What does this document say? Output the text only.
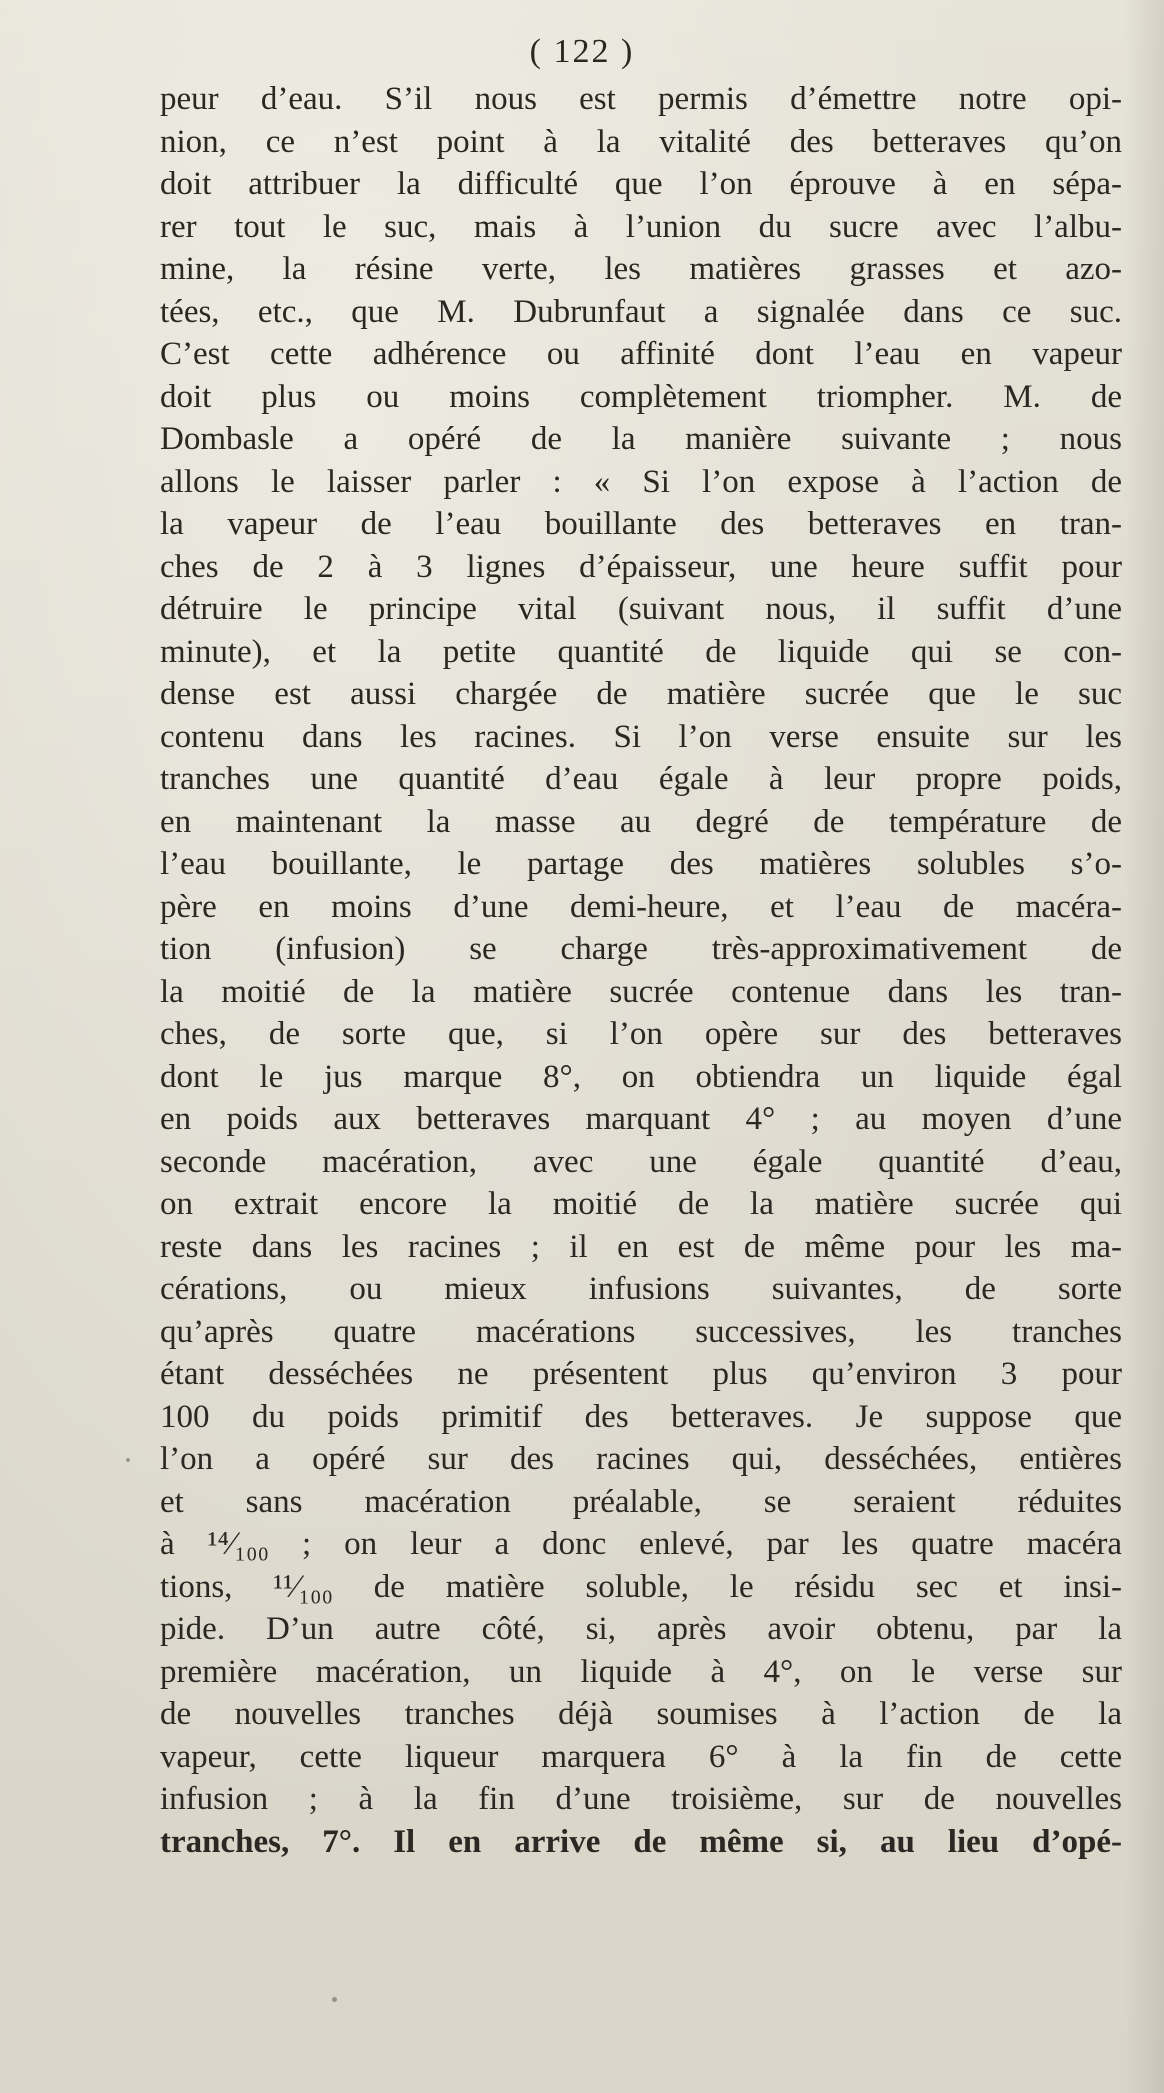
( 122 )
peur d’eau. S’il nous est permis d’émettre notre opi-
nion, ce n’est point à la vitalité des betteraves qu’on
doit attribuer la difficulté que l’on éprouve à en sépa-
rer tout le suc, mais à l’union du sucre avec l’albu-
mine, la résine verte, les matières grasses et azo-
tées, etc., que M. Dubrunfaut a signalée dans ce suc.
C’est cette adhérence ou affinité dont l’eau en vapeur
doit plus ou moins complètement triompher. M. de
Dombasle a opéré de la manière suivante ; nous
allons le laisser parler : « Si l’on expose à l’action de
la vapeur de l’eau bouillante des betteraves en tran-
ches de 2 à 3 lignes d’épaisseur, une heure suffit pour
détruire le principe vital (suivant nous, il suffit d’une
minute), et la petite quantité de liquide qui se con-
dense est aussi chargée de matière sucrée que le suc
contenu dans les racines. Si l’on verse ensuite sur les
tranches une quantité d’eau égale à leur propre poids,
en maintenant la masse au degré de température de
l’eau bouillante, le partage des matières solubles s’o-
père en moins d’une demi-heure, et l’eau de macéra-
tion (infusion) se charge très-approximativement de
la moitié de la matière sucrée contenue dans les tran-
ches, de sorte que, si l’on opère sur des betteraves
dont le jus marque 8°, on obtiendra un liquide égal
en poids aux betteraves marquant 4° ; au moyen d’une
seconde macération, avec une égale quantité d’eau,
on extrait encore la moitié de la matière sucrée qui
reste dans les racines ; il en est de même pour les ma-
cérations, ou mieux infusions suivantes, de sorte
qu’après quatre macérations successives, les tranches
étant desséchées ne présentent plus qu’environ 3 pour
100 du poids primitif des betteraves. Je suppose que
l’on a opéré sur des racines qui, desséchées, entières
et sans macération préalable, se seraient réduites
à ¹⁴⁄₁₀₀ ; on leur a donc enlevé, par les quatre macéra
tions, ¹¹⁄₁₀₀ de matière soluble, le résidu sec et insi-
pide. D’un autre côté, si, après avoir obtenu, par la
première macération, un liquide à 4°, on le verse sur
de nouvelles tranches déjà soumises à l’action de la
vapeur, cette liqueur marquera 6° à la fin de cette
infusion ; à la fin d’une troisième, sur de nouvelles
tranches, 7°. Il en arrive de même si, au lieu d’opé-
